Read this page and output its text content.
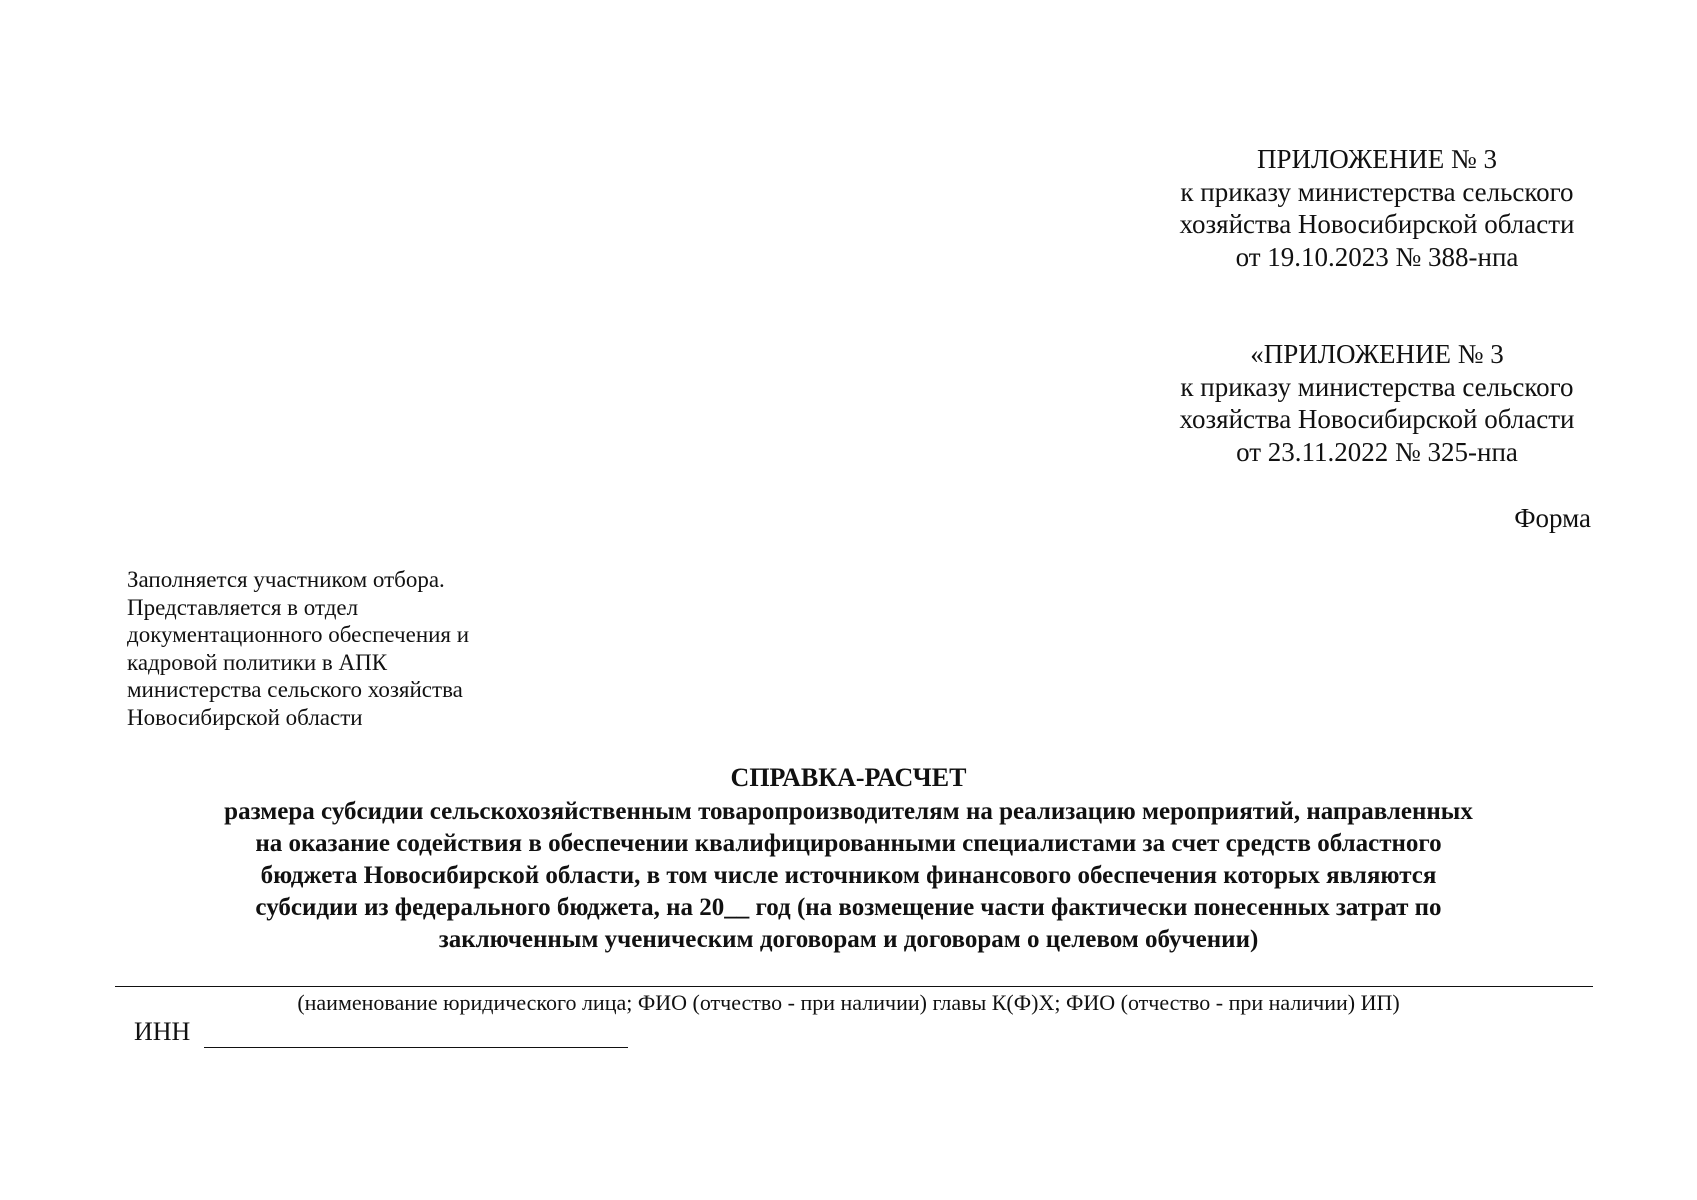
ПРИЛОЖЕНИЕ № 3
к приказу министерства сельского
хозяйства Новосибирской области
от 19.10.2023 № 388-нпа
«ПРИЛОЖЕНИЕ № 3
к приказу министерства сельского
хозяйства Новосибирской области
от 23.11.2022 № 325-нпа
Форма
Заполняется участником отбора.
Представляется в отдел
документационного обеспечения и
кадровой политики в АПК
министерства сельского хозяйства
Новосибирской области
СПРАВКА-РАСЧЕТ
размера субсидии сельскохозяйственным товаропроизводителям на реализацию мероприятий, направленных
на оказание содействия в обеспечении квалифицированными специалистами за счет средств областного
бюджета Новосибирской области, в том числе источником финансового обеспечения которых являются
субсидии из федерального бюджета, на 20__ год (на возмещение части фактически понесенных затрат по
заключенным ученическим договорам и договорам о целевом обучении)
(наименование юридического лица; ФИО (отчество - при наличии) главы К(Ф)Х; ФИО (отчество - при наличии) ИП)
ИНН
